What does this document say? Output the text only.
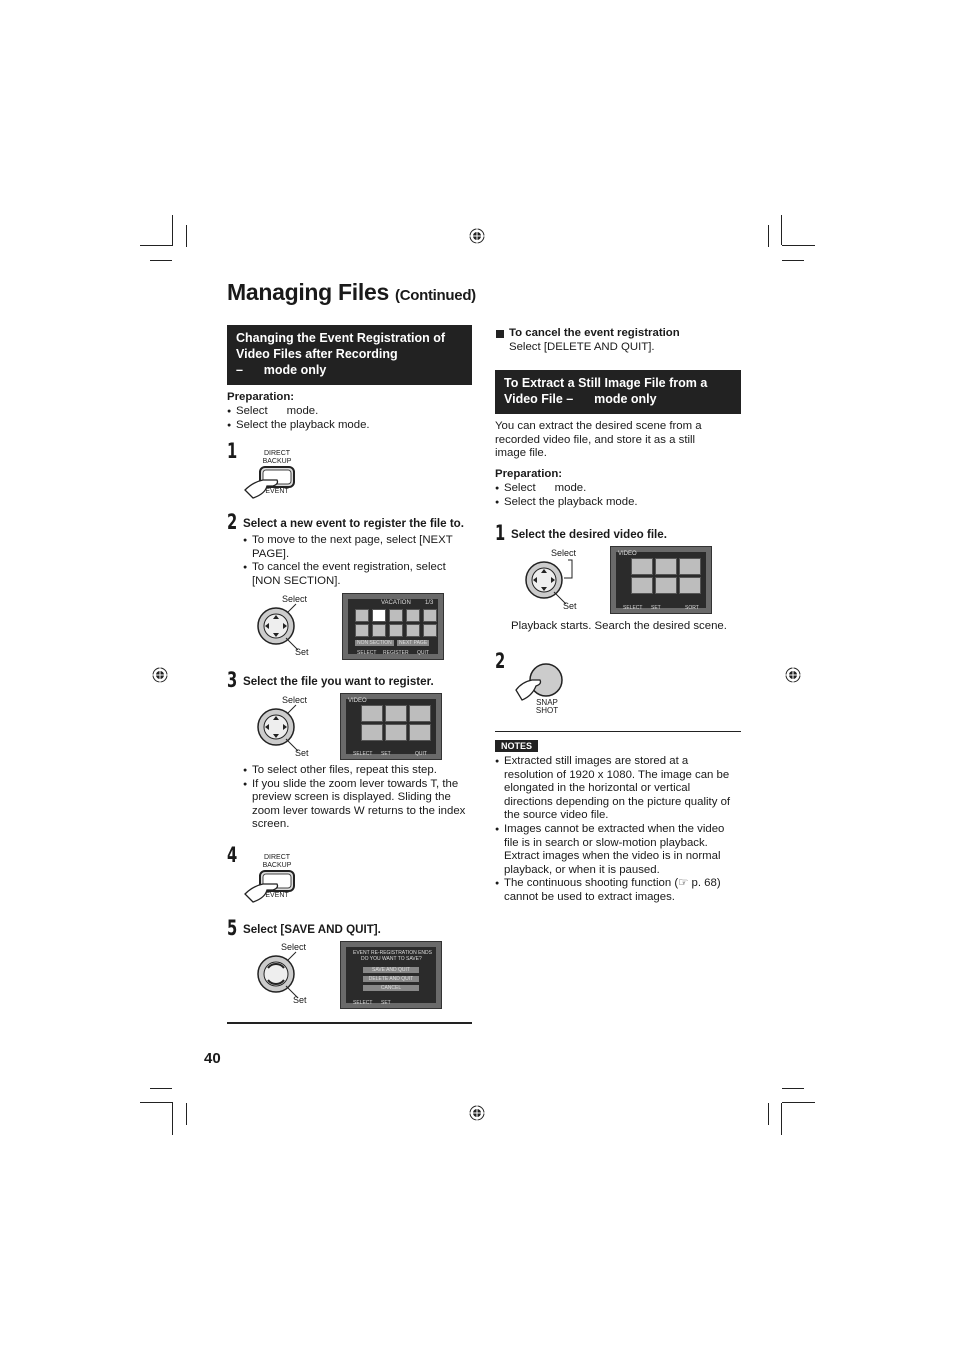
Managing Files (Continued)
Changing the Event Registration of
Video Files after Recording
–      mode only
Preparation:
● Select      mode.
● Select the playback mode.
1	DIRECT
BACKUP
EVENT
2 Select a new event to register the file to.
● To move to the next page, select [NEXT PAGE].
● To cancel the event registration, select [NON SECTION].
Select
Set
VACATION 1/3
NON SECTION	NEXT PAGE
SELECT REGISTER QUIT
3 Select the file you want to register.
Select
Set
VIDEO
SELECT SET	QUIT
● To select other files, repeat this step.
● If you slide the zoom lever towards T, the preview screen is displayed. Sliding the zoom lever towards W returns to the index screen.
4	DIRECT
BACKUP
EVENT
5 Select [SAVE AND QUIT].
Select
Set
EVENT RE-REGISTRATION ENDS
DO YOU WANT TO SAVE?
SAVE AND QUIT
DELETE AND QUIT
CANCEL
SELECT SET
40
To cancel the event registration
Select [DELETE AND QUIT].
To Extract a Still Image File from a
Video File –      mode only
You can extract the desired scene from a recorded video file, and store it as a still image file.
Preparation:
● Select      mode.
● Select the playback mode.
1 Select the desired video file.
Select
Set
VIDEO
SELECT SET	SORT
Playback starts. Search the desired scene.
2
SNAP
SHOT
NOTES
● Extracted still images are stored at a resolution of 1920 x 1080. The image can be elongated in the horizontal or vertical directions depending on the picture quality of the source video file.
● Images cannot be extracted when the video file is in search or slow-motion playback. Extract images when the video is in normal playback, or when it is paused.
● The continuous shooting function (☞ p. 68) cannot be used to extract images.
